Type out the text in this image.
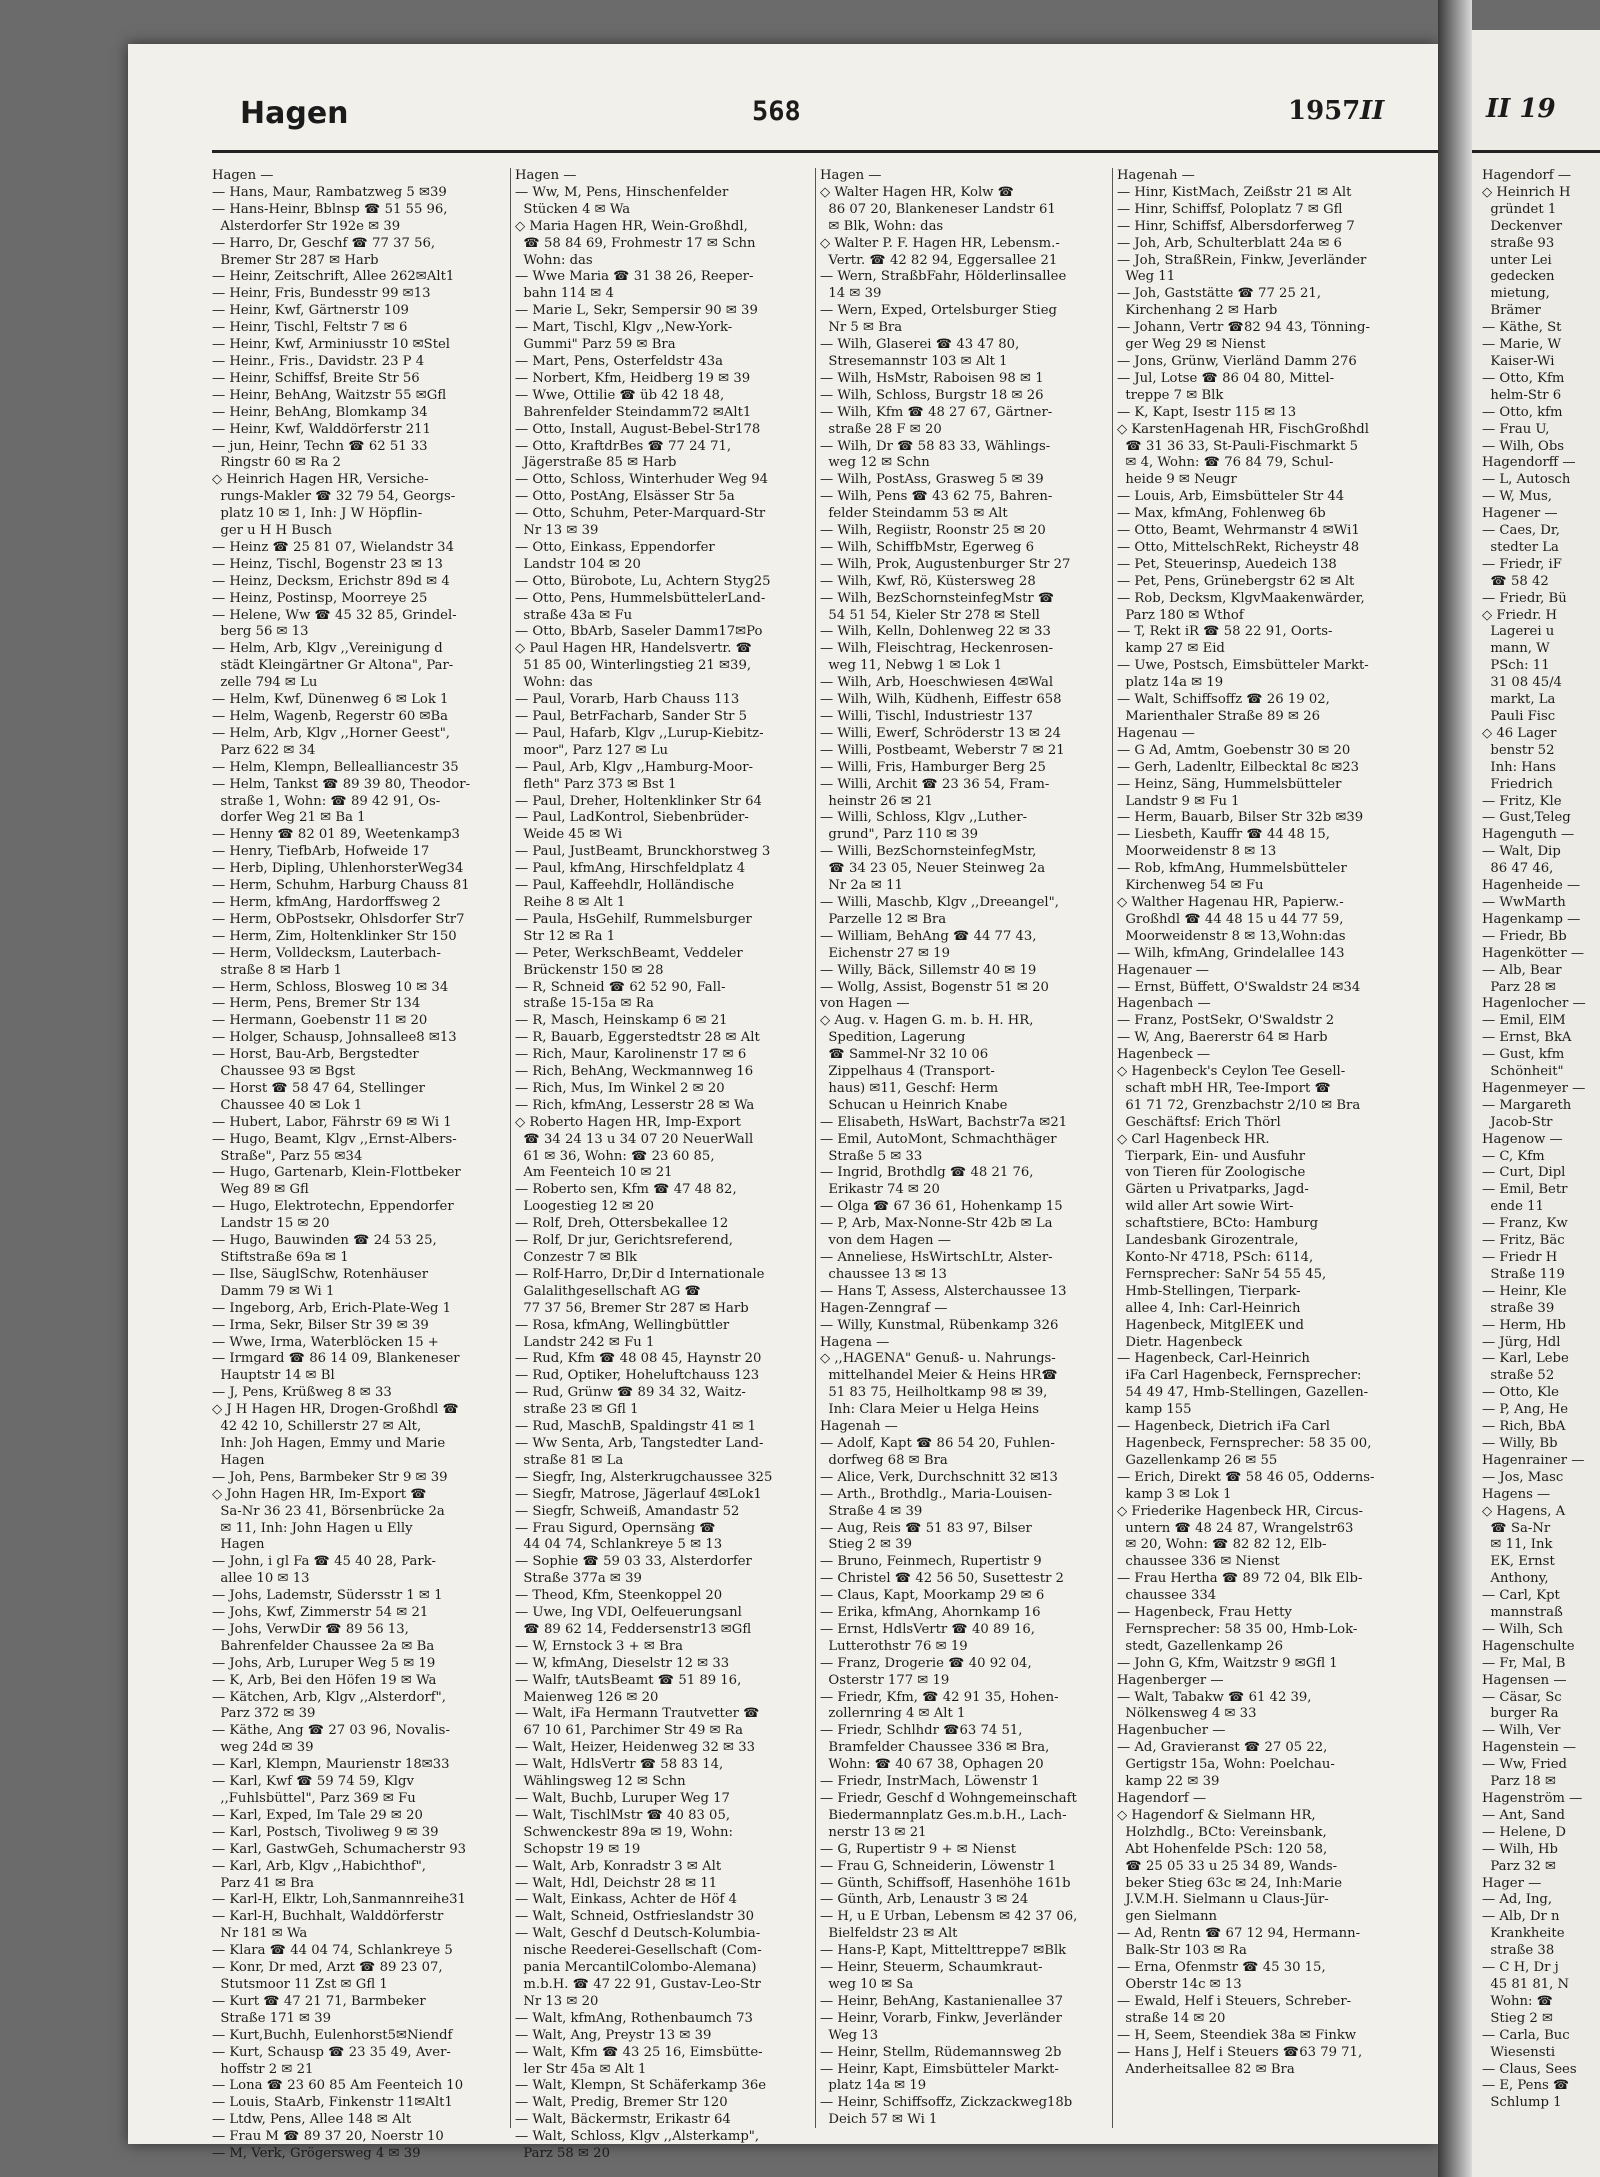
Hagen	568	1957 II
Hagen —
— Hans, Maur, Rambatzweg 5 ✉39
— Hans-Heinr, Bblnsp ☎ 51 55 96,
Alsterdorfer Str 192e ✉ 39
— Harro, Dr, Geschf ☎ 77 37 56,
Bremer Str 287 ✉ Harb
— Heinr, Zeitschrift, Allee 262✉Alt1
— Heinr, Fris, Bundesstr 99 ✉13
— Heinr, Kwf, Gärtnerstr 109
— Heinr, Tischl, Feltstr 7 ✉ 6
— Heinr, Kwf, Arminiusstr 10 ✉Stel
— Heinr., Fris., Davidstr. 23 P 4
— Heinr, Schiffsf, Breite Str 56
— Heinr, BehAng, Waitzstr 55 ✉Gfl
— Heinr, BehAng, Blomkamp 34
— Heinr, Kwf, Walddörferstr 211
— jun, Heinr, Techn ☎ 62 51 33
Ringstr 60 ✉ Ra 2
◇ Heinrich Hagen HR, Versiche-
rungs-Makler ☎ 32 79 54, Georgs-
platz 10 ✉ 1, Inh: J W Höpflin-
ger u H H Busch
— Heinz ☎ 25 81 07, Wielandstr 34
— Heinz, Tischl, Bogenstr 23 ✉ 13
— Heinz, Decksm, Erichstr 89d ✉ 4
— Heinz, Postinsp, Moorreye 25
— Helene, Ww ☎ 45 32 85, Grindel-
berg 56 ✉ 13
— Helm, Arb, Klgv ,,Vereinigung d
städt Kleingärtner Gr Altona", Par-
zelle 794 ✉ Lu
— Helm, Kwf, Dünenweg 6 ✉ Lok 1
— Helm, Wagenb, Regerstr 60 ✉Ba
— Helm, Arb, Klgv ,,Horner Geest",
Parz 622 ✉ 34
— Helm, Klempn, Bellealliancestr 35
— Helm, Tankst ☎ 89 39 80, Theodor-
straße 1, Wohn: ☎ 89 42 91, Os-
dorfer Weg 21 ✉ Ba 1
— Henny ☎ 82 01 89, Weetenkamp3
— Henry, TiefbArb, Hofweide 17
— Herb, Dipling, UhlenhorsterWeg34
— Herm, Schuhm, Harburg Chauss 81
— Herm, kfmAng, Hardorffsweg 2
— Herm, ObPostsekr, Ohlsdorfer Str7
— Herm, Zim, Holtenklinker Str 150
— Herm, Volldecksm, Lauterbach-
straße 8 ✉ Harb 1
— Herm, Schloss, Blosweg 10 ✉ 34
— Herm, Pens, Bremer Str 134
— Hermann, Goebenstr 11 ✉ 20
— Holger, Schausp, Johnsallee8 ✉13
— Horst, Bau-Arb, Bergstedter
Chaussee 93 ✉ Bgst
— Horst ☎ 58 47 64, Stellinger
Chaussee 40 ✉ Lok 1
— Hubert, Labor, Fährstr 69 ✉ Wi 1
— Hugo, Beamt, Klgv ,,Ernst-Albers-
Straße", Parz 55 ✉34
— Hugo, Gartenarb, Klein-Flottbeker
Weg 89 ✉ Gfl
— Hugo, Elektrotechn, Eppendorfer
Landstr 15 ✉ 20
— Hugo, Bauwinden ☎ 24 53 25,
Stiftstraße 69a ✉ 1
— Ilse, SäuglSchw, Rotenhäuser
Damm 79 ✉ Wi 1
— Ingeborg, Arb, Erich-Plate-Weg 1
— Irma, Sekr, Bilser Str 39 ✉ 39
— Wwe, Irma, Waterblöcken 15 +
— Irmgard ☎ 86 14 09, Blankeneser
Hauptstr 14 ✉ Bl
— J, Pens, Krüßweg 8 ✉ 33
◇ J H Hagen HR, Drogen-Großhdl ☎
42 42 10, Schillerstr 27 ✉ Alt,
Inh: Joh Hagen, Emmy und Marie
Hagen
— Joh, Pens, Barmbeker Str 9 ✉ 39
◇ John Hagen HR, Im-Export ☎
Sa-Nr 36 23 41, Börsenbrücke 2a
✉ 11, Inh: John Hagen u Elly
Hagen
— John, i gl Fa ☎ 45 40 28, Park-
allee 10 ✉ 13
— Johs, Lademstr, Südersstr 1 ✉ 1
— Johs, Kwf, Zimmerstr 54 ✉ 21
— Johs, VerwDir ☎ 89 56 13,
Bahrenfelder Chaussee 2a ✉ Ba
— Johs, Arb, Luruper Weg 5 ✉ 19
— K, Arb, Bei den Höfen 19 ✉ Wa
— Kätchen, Arb, Klgv ,,Alsterdorf",
Parz 372 ✉ 39
— Käthe, Ang ☎ 27 03 96, Novalis-
weg 24d ✉ 39
— Karl, Klempn, Maurienstr 18✉33
— Karl, Kwf ☎ 59 74 59, Klgv
,,Fuhlsbüttel", Parz 369 ✉ Fu
— Karl, Exped, Im Tale 29 ✉ 20
— Karl, Postsch, Tivoliweg 9 ✉ 39
— Karl, GastwGeh, Schumacherstr 93
— Karl, Arb, Klgv ,,Habichthof",
Parz 41 ✉ Bra
— Karl-H, Elktr, Loh,Sanmannreihe31
— Karl-H, Buchhalt, Walddörferstr
Nr 181 ✉ Wa
— Klara ☎ 44 04 74, Schlankreye 5
— Konr, Dr med, Arzt ☎ 89 23 07,
Stutsmoor 11 Zst ✉ Gfl 1
— Kurt ☎ 47 21 71, Barmbeker
Straße 171 ✉ 39
— Kurt,Buchh, Eulenhorst5✉Niendf
— Kurt, Schausp ☎ 23 35 49, Aver-
hoffstr 2 ✉ 21
— Lona ☎ 23 60 85 Am Feenteich 10
— Louis, StaArb, Finkenstr 11✉Alt1
— Ltdw, Pens, Allee 148 ✉ Alt
— Frau M ☎ 89 37 20, Noerstr 10
— M, Verk, Grögersweg 4 ✉ 39
Hagen —
— Ww, M, Pens, Hinschenfelder
Stücken 4 ✉ Wa
◇ Maria Hagen HR, Wein-Großhdl,
☎ 58 84 69, Frohmestr 17 ✉ Schn
Wohn: das
— Wwe Maria ☎ 31 38 26, Reeper-
bahn 114 ✉ 4
— Marie L, Sekr, Sempersir 90 ✉ 39
— Mart, Tischl, Klgv ,,New-York-
Gummi" Parz 59 ✉ Bra
— Mart, Pens, Osterfeldstr 43a
— Norbert, Kfm, Heidberg 19 ✉ 39
— Wwe, Ottilie ☎ üb 42 18 48,
Bahrenfelder Steindamm72 ✉Alt1
— Otto, Install, August-Bebel-Str178
— Otto, KraftdrBes ☎ 77 24 71,
Jägerstraße 85 ✉ Harb
— Otto, Schloss, Winterhuder Weg 94
— Otto, PostAng, Elsässer Str 5a
— Otto, Schuhm, Peter-Marquard-Str
Nr 13 ✉ 39
— Otto, Einkass, Eppendorfer
Landstr 104 ✉ 20
— Otto, Bürobote, Lu, Achtern Styg25
— Otto, Pens, HummelsbüttelerLand-
straße 43a ✉ Fu
— Otto, BbArb, Saseler Damm17✉Po
◇ Paul Hagen HR, Handelsvertr. ☎
51 85 00, Winterlingstieg 21 ✉39,
Wohn: das
— Paul, Vorarb, Harb Chauss 113
— Paul, BetrFacharb, Sander Str 5
— Paul, Hafarb, Klgv ,,Lurup-Kiebitz-
moor", Parz 127 ✉ Lu
— Paul, Arb, Klgv ,,Hamburg-Moor-
fleth" Parz 373 ✉ Bst 1
— Paul, Dreher, Holtenklinker Str 64
— Paul, LadKontrol, Siebenbrüder-
Weide 45 ✉ Wi
— Paul, JustBeamt, Brunckhorstweg 3
— Paul, kfmAng, Hirschfeldplatz 4
— Paul, Kaffeehdlr, Holländische
Reihe 8 ✉ Alt 1
— Paula, HsGehilf, Rummelsburger
Str 12 ✉ Ra 1
— Peter, WerkschBeamt, Veddeler
Brückenstr 150 ✉ 28
— R, Schneid ☎ 62 52 90, Fall-
straße 15-15a ✉ Ra
— R, Masch, Heinskamp 6 ✉ 21
— R, Bauarb, Eggerstedtstr 28 ✉ Alt
— Rich, Maur, Karolinenstr 17 ✉ 6
— Rich, BehAng, Weckmannweg 16
— Rich, Mus, Im Winkel 2 ✉ 20
— Rich, kfmAng, Lesserstr 28 ✉ Wa
◇ Roberto Hagen HR, Imp-Export
☎ 34 24 13 u 34 07 20 NeuerWall
61 ✉ 36, Wohn: ☎ 23 60 85,
Am Feenteich 10 ✉ 21
— Roberto sen, Kfm ☎ 47 48 82,
Loogestieg 12 ✉ 20
— Rolf, Dreh, Ottersbekallee 12
— Rolf, Dr jur, Gerichtsreferend,
Conzestr 7 ✉ Blk
— Rolf-Harro, Dr,Dir d Internationale
Galalithgesellschaft AG ☎
77 37 56, Bremer Str 287 ✉ Harb
— Rosa, kfmAng, Wellingbüttler
Landstr 242 ✉ Fu 1
— Rud, Kfm ☎ 48 08 45, Haynstr 20
— Rud, Optiker, Hoheluftchauss 123
— Rud, Grünw ☎ 89 34 32, Waitz-
straße 23 ✉ Gfl 1
— Rud, MaschB, Spaldingstr 41 ✉ 1
— Ww Senta, Arb, Tangstedter Land-
straße 81 ✉ La
— Siegfr, Ing, Alsterkrugchaussee 325
— Siegfr, Matrose, Jägerlauf 4✉Lok1
— Siegfr, Schweiß, Amandastr 52
— Frau Sigurd, Opernsäng ☎
44 04 74, Schlankreye 5 ✉ 13
— Sophie ☎ 59 03 33, Alsterdorfer
Straße 377a ✉ 39
— Theod, Kfm, Steenkoppel 20
— Uwe, Ing VDI, Oelfeuerungsanl
☎ 89 62 14, Feddersenstr13 ✉Gfl
— W, Ernstock 3 + ✉ Bra
— W, kfmAng, Dieselstr 12 ✉ 33
— Walfr, tAutsBeamt ☎ 51 89 16,
Maienweg 126 ✉ 20
— Walt, iFa Hermann Trautvetter ☎
67 10 61, Parchimer Str 49 ✉ Ra
— Walt, Heizer, Heidenweg 32 ✉ 33
— Walt, HdlsVertr ☎ 58 83 14,
Wählingsweg 12 ✉ Schn
— Walt, Buchb, Luruper Weg 17
— Walt, TischlMstr ☎ 40 83 05,
Schwenckestr 89a ✉ 19, Wohn:
Schopstr 19 ✉ 19
— Walt, Arb, Konradstr 3 ✉ Alt
— Walt, Hdl, Deichstr 28 ✉ 11
— Walt, Einkass, Achter de Höf 4
— Walt, Schneid, Ostfrieslandstr 30
— Walt, Geschf d Deutsch-Kolumbia-
nische Reederei-Gesellschaft (Com-
pania MercantilColombo-Alemana)
m.b.H. ☎ 47 22 91, Gustav-Leo-Str
Nr 13 ✉ 20
— Walt, kfmAng, Rothenbaumch 73
— Walt, Ang, Preystr 13 ✉ 39
— Walt, Kfm ☎ 43 25 16, Eimsbütte-
ler Str 45a ✉ Alt 1
— Walt, Klempn, St Schäferkamp 36e
— Walt, Predig, Bremer Str 120
— Walt, Bäckermstr, Erikastr 64
— Walt, Schloss, Klgv ,,Alsterkamp",
Parz 58 ✉ 20
Hagen —
◇ Walter Hagen HR, Kolw ☎
86 07 20, Blankeneser Landstr 61
✉ Blk, Wohn: das
◇ Walter P. F. Hagen HR, Lebensm.-
Vertr. ☎ 42 82 94, Eggersallee 21
— Wern, StraßbFahr, Hölderlinsallee
14 ✉ 39
— Wern, Exped, Ortelsburger Stieg
Nr 5 ✉ Bra
— Wilh, Glaserei ☎ 43 47 80,
Stresemannstr 103 ✉ Alt 1
— Wilh, HsMstr, Raboisen 98 ✉ 1
— Wilh, Schloss, Burgstr 18 ✉ 26
— Wilh, Kfm ☎ 48 27 67, Gärtner-
straße 28 F ✉ 20
— Wilh, Dr ☎ 58 83 33, Wählings-
weg 12 ✉ Schn
— Wilh, PostAss, Grasweg 5 ✉ 39
— Wilh, Pens ☎ 43 62 75, Bahren-
felder Steindamm 53 ✉ Alt
— Wilh, Regiistr, Roonstr 25 ✉ 20
— Wilh, SchiffbMstr, Egerweg 6
— Wilh, Prok, Augustenburger Str 27
— Wilh, Kwf, Rö, Küstersweg 28
— Wilh, BezSchornsteinfegMstr ☎
54 51 54, Kieler Str 278 ✉ Stell
— Wilh, Kelln, Dohlenweg 22 ✉ 33
— Wilh, Fleischtrag, Heckenrosen-
weg 11, Nebwg 1 ✉ Lok 1
— Wilh, Arb, Hoeschwiesen 4✉Wal
— Wilh, Wilh, Küdhenh, Eiffestr 658
— Willi, Tischl, Industriestr 137
— Willi, Ewerf, Schröderstr 13 ✉ 24
— Willi, Postbeamt, Weberstr 7 ✉ 21
— Willi, Fris, Hamburger Berg 25
— Willi, Archit ☎ 23 36 54, Fram-
heinstr 26 ✉ 21
— Willi, Schloss, Klgv ,,Luther-
grund", Parz 110 ✉ 39
— Willi, BezSchornsteinfegMstr,
☎ 34 23 05, Neuer Steinweg 2a
Nr 2a ✉ 11
— Willi, Maschb, Klgv ,,Dreeangel",
Parzelle 12 ✉ Bra
— William, BehAng ☎ 44 77 43,
Eichenstr 27 ✉ 19
— Willy, Bäck, Sillemstr 40 ✉ 19
— Wollg, Assist, Bogenstr 51 ✉ 20
von Hagen —
◇ Aug. v. Hagen G. m. b. H. HR,
Spedition, Lagerung
☎ Sammel-Nr 32 10 06
Zippelhaus 4 (Transport-
haus) ✉11, Geschf: Herm
Schucan u Heinrich Knabe
— Elisabeth, HsWart, Bachstr7a ✉21
— Emil, AutoMont, Schmachthäger
Straße 5 ✉ 33
— Ingrid, Brothdlg ☎ 48 21 76,
Erikastr 74 ✉ 20
— Olga ☎ 67 36 61, Hohenkamp 15
— P, Arb, Max-Nonne-Str 42b ✉ La
von dem Hagen —
— Anneliese, HsWirtschLtr, Alster-
chaussee 13 ✉ 13
— Hans T, Assess, Alsterchaussee 13
Hagen-Zenngraf —
— Willy, Kunstmal, Rübenkamp 326
Hagena —
◇ ,,HAGENA" Genuß- u. Nahrungs-
mittelhandel Meier & Heins HR☎
51 83 75, Heilholtkamp 98 ✉ 39,
Inh: Clara Meier u Helga Heins
Hagenah —
— Adolf, Kapt ☎ 86 54 20, Fuhlen-
dorfweg 68 ✉ Bra
— Alice, Verk, Durchschnitt 32 ✉13
— Arth., Brothdlg., Maria-Louisen-
Straße 4 ✉ 39
— Aug, Reis ☎ 51 83 97, Bilser
Stieg 2 ✉ 39
— Bruno, Feinmech, Rupertistr 9
— Christel ☎ 42 56 50, Susettestr 2
— Claus, Kapt, Moorkamp 29 ✉ 6
— Erika, kfmAng, Ahornkamp 16
— Ernst, HdlsVertr ☎ 40 89 16,
Lutterothstr 76 ✉ 19
— Franz, Drogerie ☎ 40 92 04,
Osterstr 177 ✉ 19
— Friedr, Kfm, ☎ 42 91 35, Hohen-
zollernring 4 ✉ Alt 1
— Friedr, Schlhdr ☎63 74 51,
Bramfelder Chaussee 336 ✉ Bra,
Wohn: ☎ 40 67 38, Ophagen 20
— Friedr, InstrMach, Löwenstr 1
— Friedr, Geschf d Wohngemeinschaft
Biedermannplatz Ges.m.b.H., Lach-
nerstr 13 ✉ 21
— G, Rupertistr 9 + ✉ Nienst
— Frau G, Schneiderin, Löwenstr 1
— Günth, Schiffsoff, Hasenhöhe 161b
— Günth, Arb, Lenaustr 3 ✉ 24
— H, u E Urban, Lebensm ✉ 42 37 06,
Bielfeldstr 23 ✉ Alt
— Hans-P, Kapt, Mittelttreppe7 ✉Blk
— Heinr, Steuerm, Schaumkraut-
weg 10 ✉ Sa
— Heinr, BehAng, Kastanienallee 37
— Heinr, Vorarb, Finkw, Jeverländer
Weg 13
— Heinr, Stellm, Rüdemannsweg 2b
— Heinr, Kapt, Eimsbütteler Markt-
platz 14a ✉ 19
— Heinr, Schiffsoffz, Zickzackweg18b
Deich 57 ✉ Wi 1
Hagenah —
— Hinr, KistMach, Zeißstr 21 ✉ Alt
— Hinr, Schiffsf, Poloplatz 7 ✉ Gfl
— Hinr, Schiffsf, Albersdorferweg 7
— Joh, Arb, Schulterblatt 24a ✉ 6
— Joh, StraßRein, Finkw, Jeverländer
Weg 11
— Joh, Gaststätte ☎ 77 25 21,
Kirchenhang 2 ✉ Harb
— Johann, Vertr ☎82 94 43, Tönning-
ger Weg 29 ✉ Nienst
— Jons, Grünw, Vierländ Damm 276
— Jul, Lotse ☎ 86 04 80, Mittel-
treppe 7 ✉ Blk
— K, Kapt, Isestr 115 ✉ 13
◇ KarstenHagenah HR, FischGroßhdl
☎ 31 36 33, St-Pauli-Fischmarkt 5
✉ 4, Wohn: ☎ 76 84 79, Schul-
heide 9 ✉ Neugr
— Louis, Arb, Eimsbütteler Str 44
— Max, kfmAng, Fohlenweg 6b
— Otto, Beamt, Wehrmanstr 4 ✉Wi1
— Otto, MittelschRekt, Richeystr 48
— Pet, Steuerinsp, Auedeich 138
— Pet, Pens, Grünebergstr 62 ✉ Alt
— Rob, Decksm, KlgvMaakenwärder,
Parz 180 ✉ Wthof
— T, Rekt iR ☎ 58 22 91, Oorts-
kamp 27 ✉ Eid
— Uwe, Postsch, Eimsbütteler Markt-
platz 14a ✉ 19
— Walt, Schiffsoffz ☎ 26 19 02,
Marienthaler Straße 89 ✉ 26
Hagenau —
— G Ad, Amtm, Goebenstr 30 ✉ 20
— Gerh, Ladenltr, Eilbecktal 8c ✉23
— Heinz, Säng, Hummelsbütteler
Landstr 9 ✉ Fu 1
— Herm, Bauarb, Bilser Str 32b ✉39
— Liesbeth, Kauffr ☎ 44 48 15,
Moorweidenstr 8 ✉ 13
— Rob, kfmAng, Hummelsbütteler
Kirchenweg 54 ✉ Fu
◇ Walther Hagenau HR, Papierw.-
Großhdl ☎ 44 48 15 u 44 77 59,
Moorweidenstr 8 ✉ 13,Wohn:das
— Wilh, kfmAng, Grindelallee 143
Hagenauer —
— Ernst, Büffett, O'Swaldstr 24 ✉34
Hagenbach —
— Franz, PostSekr, O'Swaldstr 2
— W, Ang, Baererstr 64 ✉ Harb
Hagenbeck —
◇ Hagenbeck's Ceylon Tee Gesell-
schaft mbH HR, Tee-Import ☎
61 71 72, Grenzbachstr 2/10 ✉ Bra
Geschäftsf: Erich Thörl
◇ Carl Hagenbeck HR.
Tierpark, Ein- und Ausfuhr
von Tieren für Zoologische
Gärten u Privatparks, Jagd-
wild aller Art sowie Wirt-
schaftstiere, BCto: Hamburg
Landesbank Girozentrale,
Konto-Nr 4718, PSch: 6114,
Fernsprecher: SaNr 54 55 45,
Hmb-Stellingen, Tierpark-
allee 4, Inh: Carl-Heinrich
Hagenbeck, MitglEEK und
Dietr. Hagenbeck
— Hagenbeck, Carl-Heinrich
iFa Carl Hagenbeck, Fernsprecher:
54 49 47, Hmb-Stellingen, Gazellen-
kamp 155
— Hagenbeck, Dietrich iFa Carl
Hagenbeck, Fernsprecher: 58 35 00,
Gazellenkamp 26 ✉ 55
— Erich, Direkt ☎ 58 46 05, Odderns-
kamp 3 ✉ Lok 1
◇ Friederike Hagenbeck HR, Circus-
untern ☎ 48 24 87, Wrangelstr63
✉ 20, Wohn: ☎ 82 82 12, Elb-
chaussee 336 ✉ Nienst
— Frau Hertha ☎ 89 72 04, Blk Elb-
chaussee 334
— Hagenbeck, Frau Hetty
Fernsprecher: 58 35 00, Hmb-Lok-
stedt, Gazellenkamp 26
— John G, Kfm, Waitzstr 9 ✉Gfl 1
Hagenberger —
— Walt, Tabakw ☎ 61 42 39,
Nölkensweg 4 ✉ 33
Hagenbucher —
— Ad, Gravieranst ☎ 27 05 22,
Gertigstr 15a, Wohn: Poelchau-
kamp 22 ✉ 39
Hagendorf —
◇ Hagendorf & Sielmann HR,
Holzhdlg., BCto: Vereinsbank,
Abt Hohenfelde PSch: 120 58,
☎ 25 05 33 u 25 34 89, Wands-
beker Stieg 63c ✉ 24, Inh:Marie
J.V.M.H. Sielmann u Claus-Jür-
gen Sielmann
— Ad, Rentn ☎ 67 12 94, Hermann-
Balk-Str 103 ✉ Ra
— Erna, Ofenmstr ☎ 45 30 15,
Oberstr 14c ✉ 13
— Ewald, Helf i Steuers, Schreber-
straße 14 ✉ 20
— H, Seem, Steendiek 38a ✉ Finkw
— Hans J, Helf i Steuers ☎63 79 71,
Anderheitsallee 82 ✉ Bra
II 19
Hagendorf —
◇ Heinrich H
gründet 1
Deckenver
straße 93
unter Lei
gedecken
mietung,
Brämer
— Käthe, St
— Marie, W
Kaiser-Wi
— Otto, Kfm
helm-Str 6
— Otto, kfm
— Frau U,
— Wilh, Obs
Hagendorff —
— L, Autosch
— W, Mus,
Hagener —
— Caes, Dr,
stedter La
— Friedr, iF
☎ 58 42
— Friedr, Bü
◇ Friedr. H
Lagerei u
mann, W
PSch: 11
31 08 45/4
markt, La
Pauli Fisc
◇ 46 Lager
benstr 52
Inh: Hans
Friedrich
— Fritz, Kle
— Gust,Teleg
Hagenguth —
— Walt, Dip
86 47 46,
Hagenheide —
— WwMarth
Hagenkamp —
— Friedr, Bb
Hagenkötter —
— Alb, Bear
Parz 28 ✉
Hagenlocher —
— Emil, ElM
— Ernst, BkA
— Gust, kfm
Schönheit"
Hagenmeyer —
— Margareth
Jacob-Str
Hagenow —
— C, Kfm
— Curt, Dipl
— Emil, Betr
ende 11
— Franz, Kw
— Fritz, Bäc
— Friedr H
Straße 119
— Heinr, Kle
straße 39
— Herm, Hb
— Jürg, Hdl
— Karl, Lebe
straße 52
— Otto, Kle
— P, Ang, He
— Rich, BbA
— Willy, Bb
Hagenrainer —
— Jos, Masc
Hagens —
◇ Hagens, A
☎ Sa-Nr
✉ 11, Ink
EK, Ernst
Anthony,
— Carl, Kpt
mannstraß
— Wilh, Sch
Hagenschulte
— Fr, Mal, B
Hagensen —
— Cäsar, Sc
burger Ra
— Wilh, Ver
Hagenstein —
— Ww, Fried
Parz 18 ✉
Hagenström —
— Ant, Sand
— Helene, D
— Wilh, Hb
Parz 32 ✉
Hager —
— Ad, Ing,
— Alb, Dr n
Krankheite
straße 38
— C H, Dr j
45 81 81, N
Wohn: ☎
Stieg 2 ✉
— Carla, Buc
Wiesensti
— Claus, Sees
— E, Pens ☎
Schlump 1
